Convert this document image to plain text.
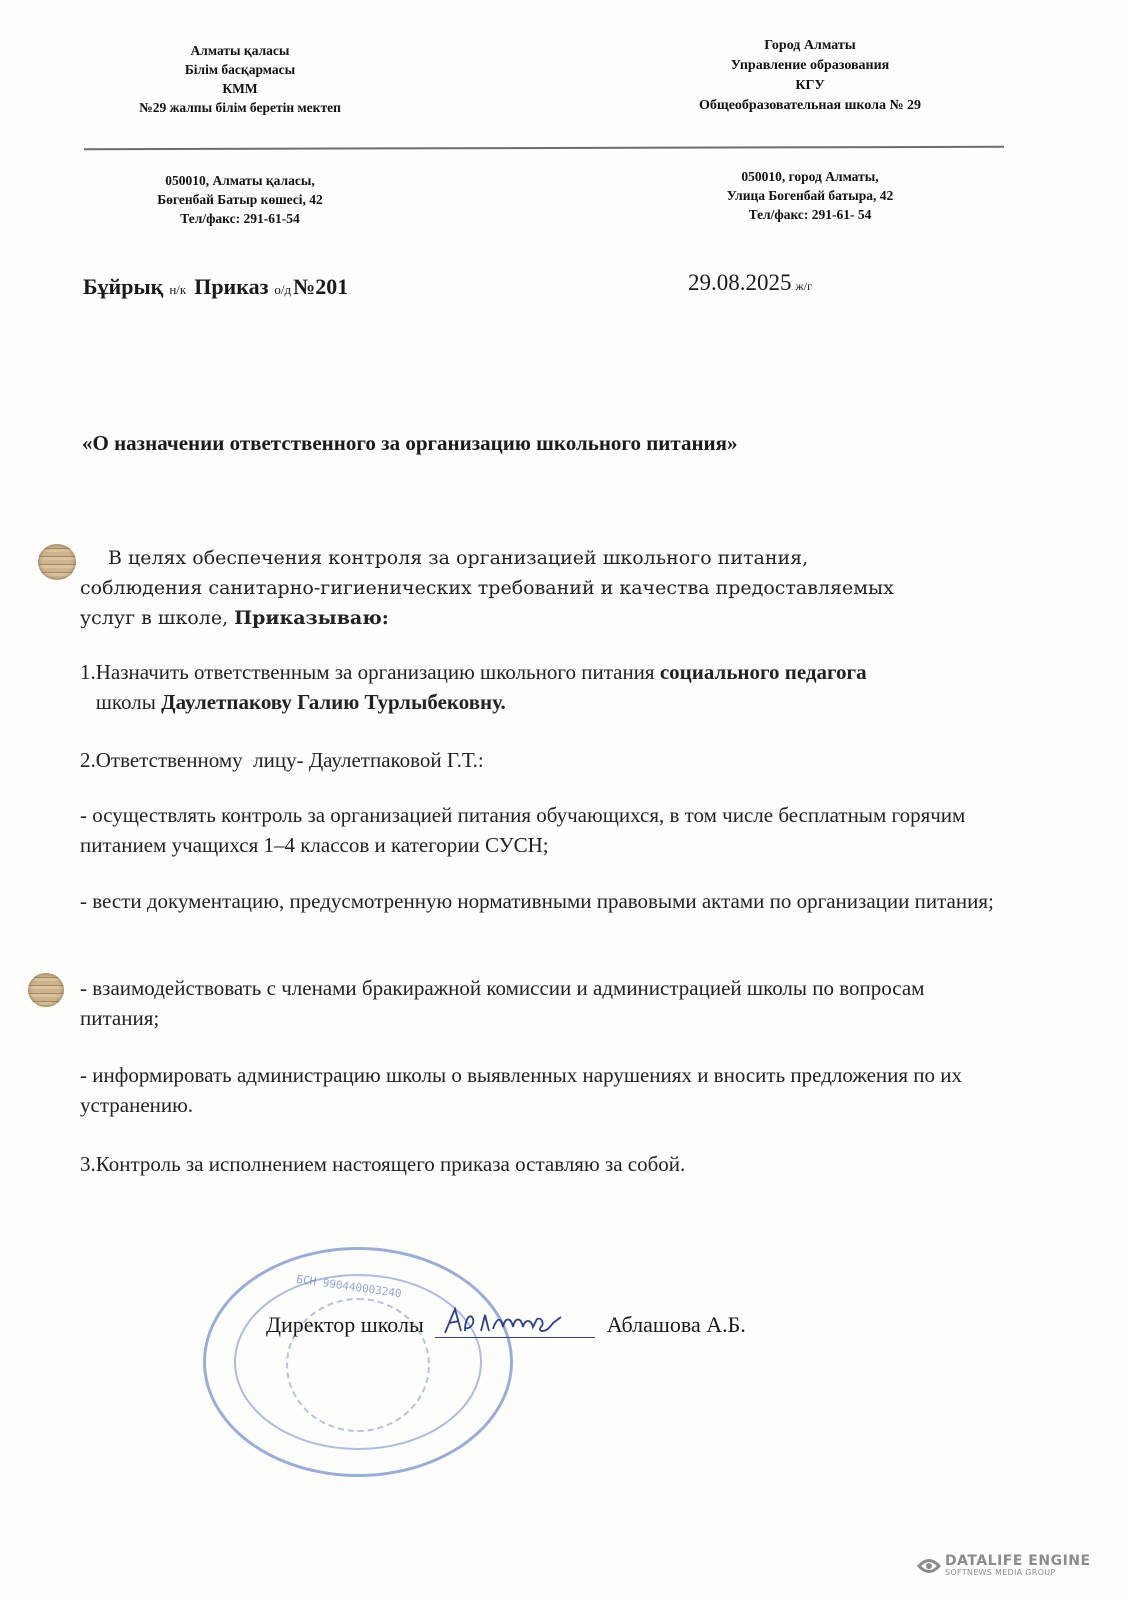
Алматы қаласы
Білім басқармасы
КММ
№29 жалпы білім беретін мектеп
Город Алматы
Управление образования
КГУ
Общеобразовательная школа № 29
050010, Алматы қаласы,
Бөгенбай Батыр көшесі, 42
Тел/факс: 291-61-54
050010, город Алматы,
Улица Богенбай батыра, 42
Тел/факс: 291-61- 54
Бұйрық н/к Приказ о/д№201	29.08.2025 ж/г
«О назначении ответственного за организацию школьного питания»
В целях обеспечения контроля за организацией школьного питания,
соблюдения санитарно-гигиенических требований и качества предоставляемых
услуг в школе, Приказываю:
1.Назначить ответственным за организацию школьного питания социального педагога   школы Даулетпакову Галию Турлыбековну.
2.Ответственному  лицу- Даулетпаковой Г.Т.:
- осуществлять контроль за организацией питания обучающихся, в том числе бесплатным горячим питанием учащихся 1–4 классов и категории СУСН;
- вести документацию, предусмотренную нормативными правовыми актами по организации питания;
- взаимодействовать с членами бракиражной комиссии и администрацией школы по вопросам питания;
- информировать администрацию школы о выявленных нарушениях и вносить предложения по их устранению.
3.Контроль за исполнением настоящего приказа оставляю за собой.
БСН 990440003240
Директор школы	Аблашова А.Б.
DATALIFE ENGINE
SOFTNEWS MEDIA GROUP
